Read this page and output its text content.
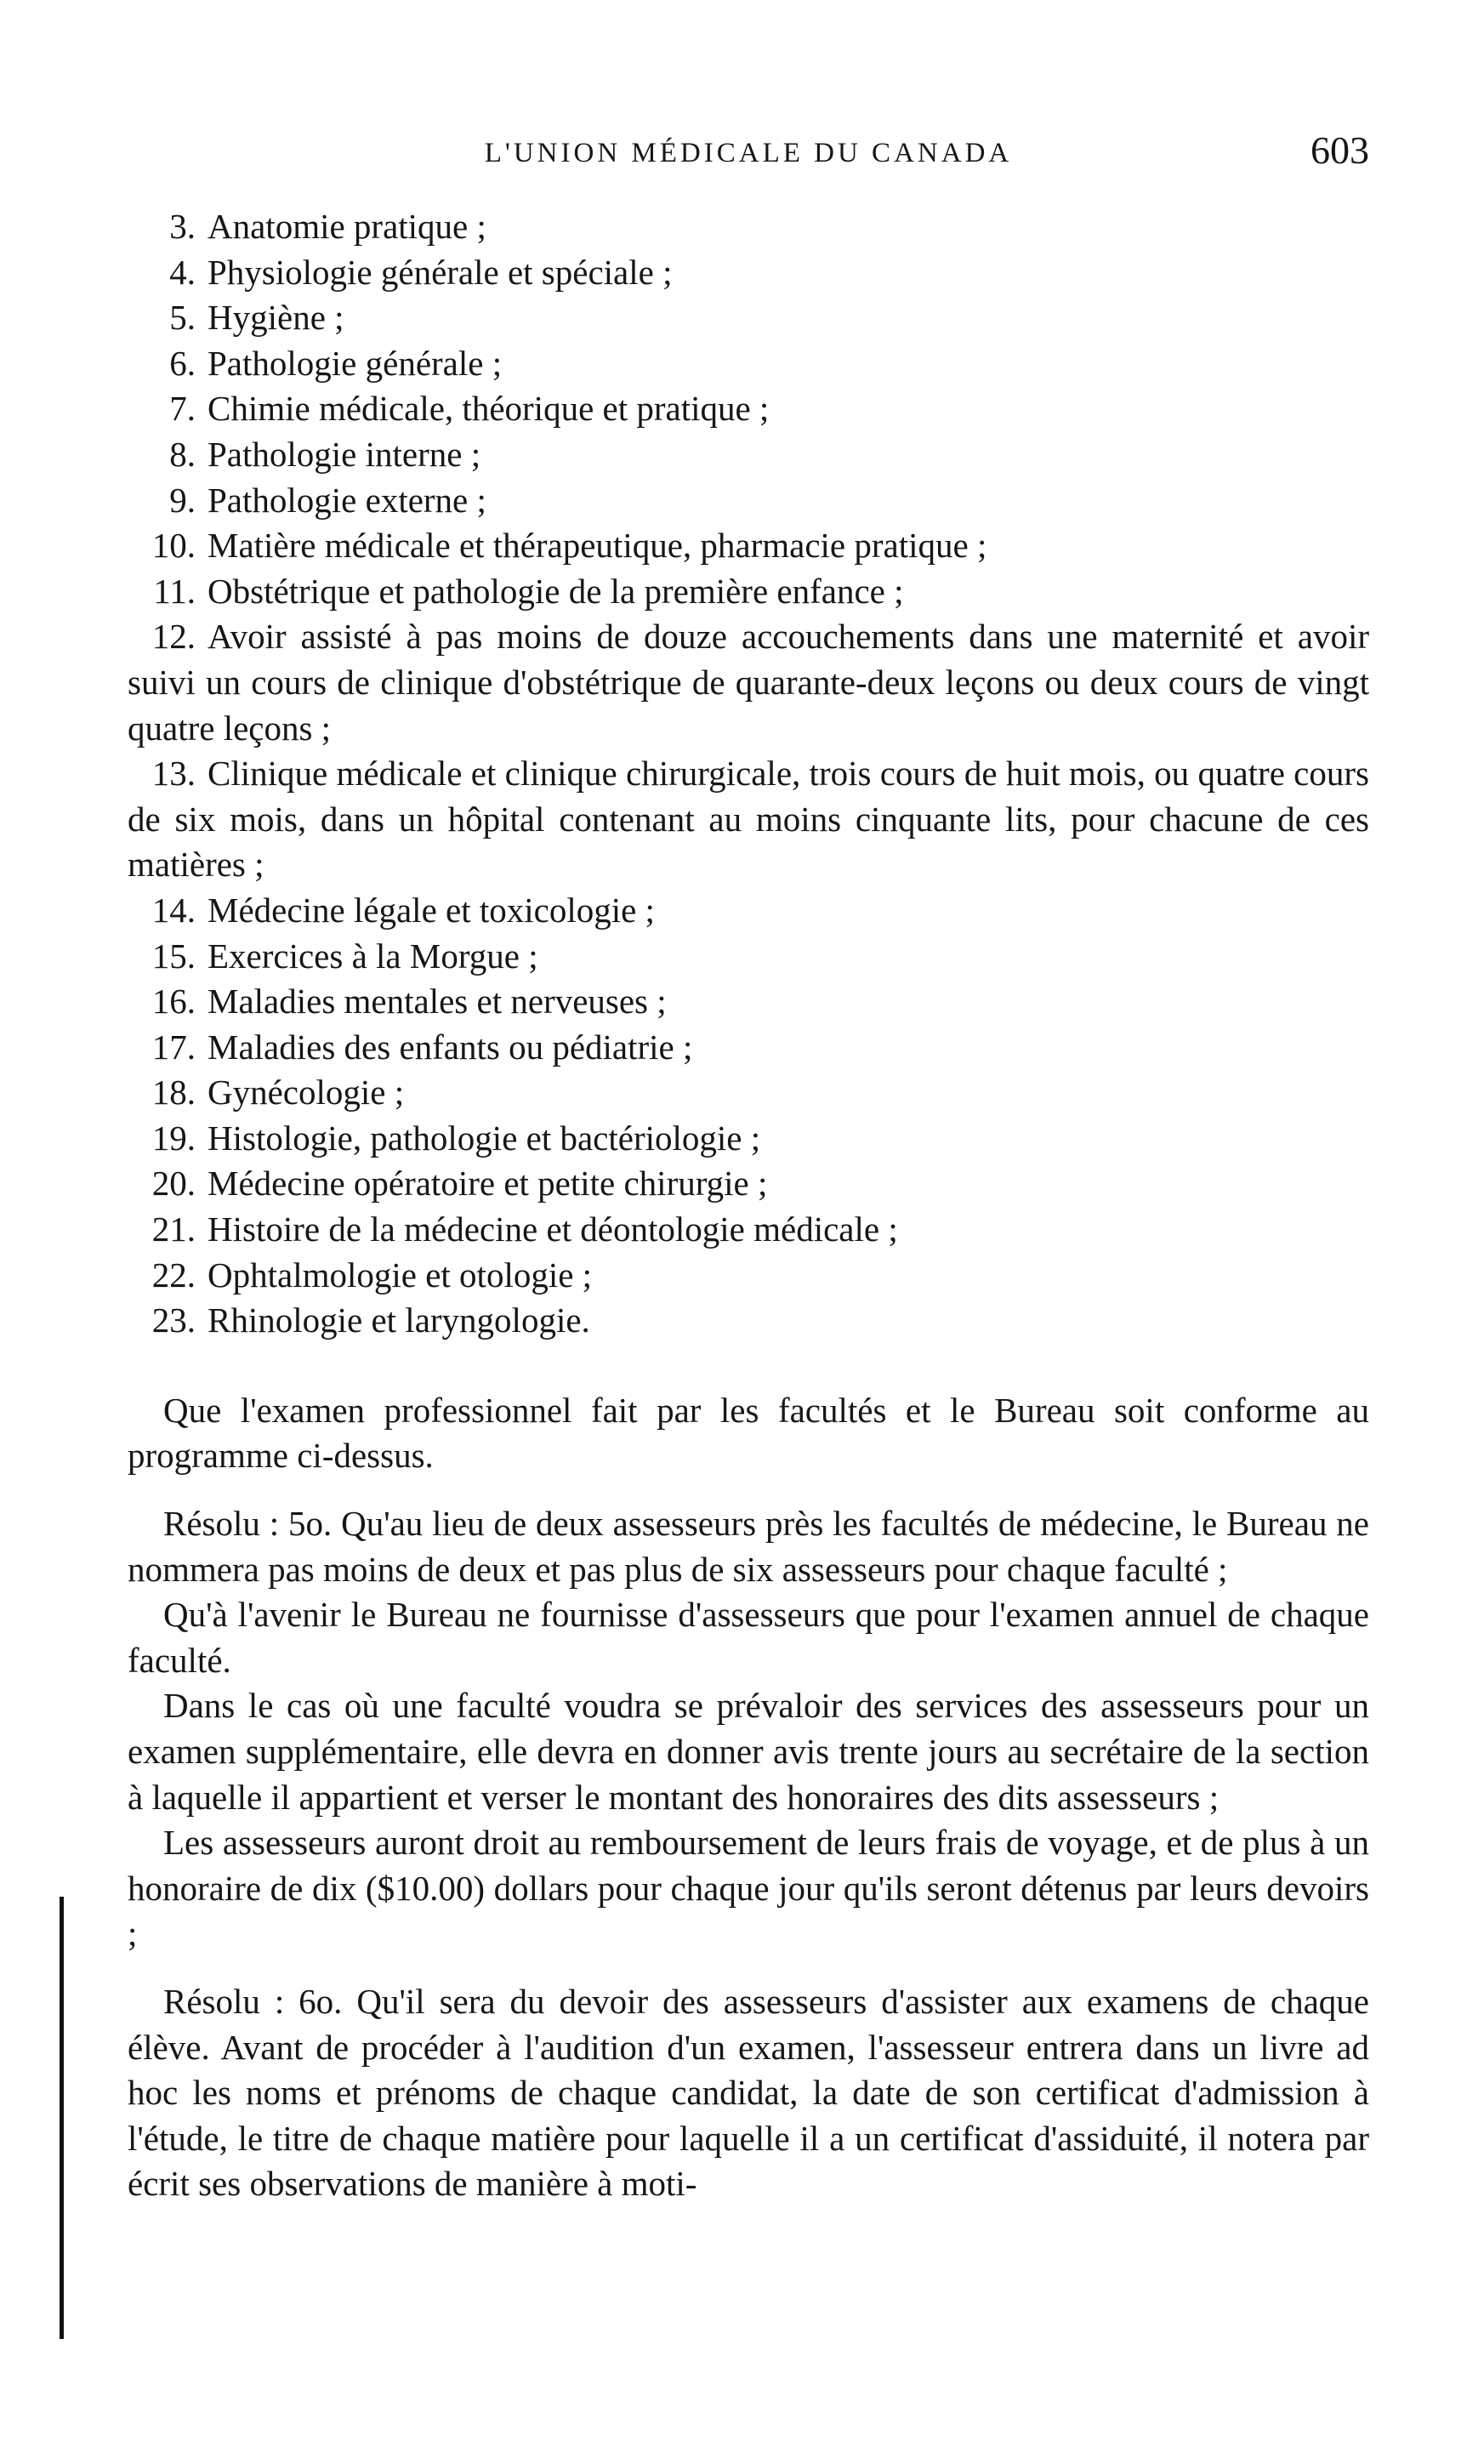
L'UNION MÉDICALE DU CANADA	603
3. Anatomie pratique ;
4. Physiologie générale et spéciale ;
5. Hygiène ;
6. Pathologie générale ;
7. Chimie médicale, théorique et pratique ;
8. Pathologie interne ;
9. Pathologie externe ;
10. Matière médicale et thérapeutique, pharmacie pratique ;
11. Obstétrique et pathologie de la première enfance ;
12. Avoir assisté à pas moins de douze accouchements dans une maternité et avoir suivi un cours de clinique d'obstétrique de quarante-deux leçons ou deux cours de vingt quatre leçons ;
13. Clinique médicale et clinique chirurgicale, trois cours de huit mois, ou quatre cours de six mois, dans un hôpital contenant au moins cinquante lits, pour chacune de ces matières ;
14. Médecine légale et toxicologie ;
15. Exercices à la Morgue ;
16. Maladies mentales et nerveuses ;
17. Maladies des enfants ou pédiatrie ;
18. Gynécologie ;
19. Histologie, pathologie et bactériologie ;
20. Médecine opératoire et petite chirurgie ;
21. Histoire de la médecine et déontologie médicale ;
22. Ophtalmologie et otologie ;
23. Rhinologie et laryngologie.
Que l'examen professionnel fait par les facultés et le Bureau soit conforme au programme ci-dessus.
Résolu : 5o. Qu'au lieu de deux assesseurs près les facultés de médecine, le Bureau ne nommera pas moins de deux et pas plus de six assesseurs pour chaque faculté ;
Qu'à l'avenir le Bureau ne fournisse d'assesseurs que pour l'examen annuel de chaque faculté.
Dans le cas où une faculté voudra se prévaloir des services des assesseurs pour un examen supplémentaire, elle devra en donner avis trente jours au secrétaire de la section à laquelle il appartient et verser le montant des honoraires des dits assesseurs ;
Les assesseurs auront droit au remboursement de leurs frais de voyage, et de plus à un honoraire de dix ($10.00) dollars pour chaque jour qu'ils seront détenus par leurs devoirs ;
Résolu : 6o. Qu'il sera du devoir des assesseurs d'assister aux examens de chaque élève. Avant de procéder à l'audition d'un examen, l'assesseur entrera dans un livre ad hoc les noms et prénoms de chaque candidat, la date de son certificat d'admission à l'étude, le titre de chaque matière pour laquelle il a un certificat d'assiduité, il notera par écrit ses observations de manière à moti-
